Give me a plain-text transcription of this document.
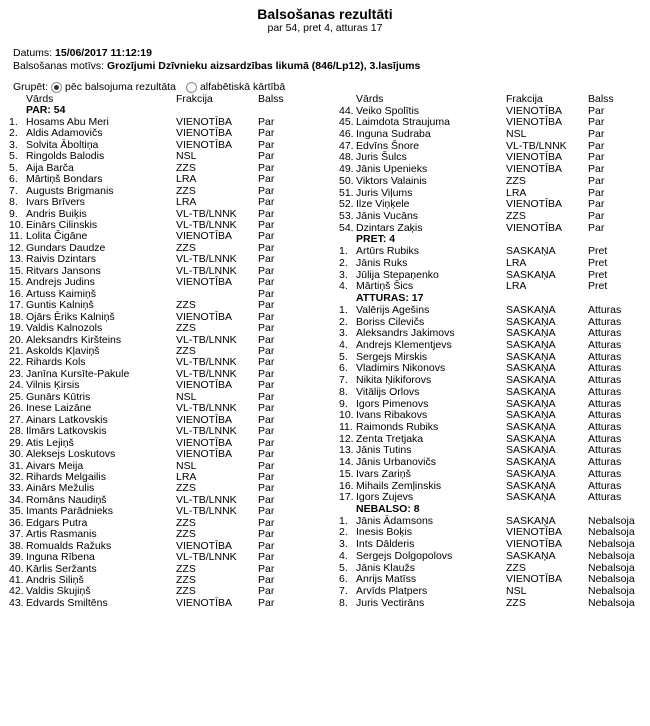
Balsošanas rezultāti
par 54, pret 4, atturas 17
Datums: 15/06/2017 11:12:19
Balsošanas motīvs: Grozījumi Dzīvnieku aizsardzības likumā (846/Lp12), 3.lasījums
Grupēt: pēc balsojuma rezultāta alfabētiskā kārtībā
	Vārds	Frakcija	Balss
	PAR: 54		
1.	Hosams Abu Meri	VIENOTĪBA	Par
2.	Aldis Adamovičs	VIENOTĪBA	Par
3.	Solvita Āboltiņa	VIENOTĪBA	Par
5.	Ringolds Balodis	NSL	Par
5.	Aija Barča	ZZS	Par
6.	Mārtiņš Bondars	LRA	Par
7.	Augusts Brigmanis	ZZS	Par
8.	Ivars Brīvers	LRA	Par
9.	Andris Buiķis	VL-TB/LNNK	Par
10.	Einārs Cilinskis	VL-TB/LNNK	Par
11.	Lolita Čigāne	VIENOTĪBA	Par
12.	Gundars Daudze	ZZS	Par
13.	Raivis Dzintars	VL-TB/LNNK	Par
15.	Ritvars Jansons	VL-TB/LNNK	Par
15.	Andrejs Judins	VIENOTĪBA	Par
16.	Artuss Kaimiņš		Par
17.	Guntis Kalniņš	ZZS	Par
18.	Ojārs Ēriks Kalniņš	VIENOTĪBA	Par
19.	Valdis Kalnozols	ZZS	Par
20.	Aleksandrs Kiršteins	VL-TB/LNNK	Par
21.	Askolds Kļaviņš	ZZS	Par
22.	Rihards Kols	VL-TB/LNNK	Par
23.	Janīna Kursīte-Pakule	VL-TB/LNNK	Par
24.	Vilnis Ķirsis	VIENOTĪBA	Par
25.	Gunārs Kūtris	NSL	Par
26.	Inese Laizāne	VL-TB/LNNK	Par
27.	Ainars Latkovskis	VIENOTĪBA	Par
28.	Ilmārs Latkovskis	VL-TB/LNNK	Par
29.	Atis Lejiņš	VIENOTĪBA	Par
30.	Aleksejs Loskutovs	VIENOTĪBA	Par
31.	Aivars Meija	NSL	Par
32.	Rihards Melgailis	LRA	Par
33.	Ainārs Mežulis	ZZS	Par
34.	Romāns Naudiņš	VL-TB/LNNK	Par
35.	Imants Parādnieks	VL-TB/LNNK	Par
36.	Edgars Putra	ZZS	Par
37.	Artis Rasmanis	ZZS	Par
38.	Romualds Ražuks	VIENOTĪBA	Par
39.	Inguna Rībena	VL-TB/LNNK	Par
40.	Kārlis Seržants	ZZS	Par
41.	Andris Siliņš	ZZS	Par
42.	Valdis Skujiņš	ZZS	Par
43.	Edvards Smiltēns	VIENOTĪBA	Par
	Vārds	Frakcija	Balss
44.	Veiko Spolītis	VIENOTĪBA	Par
45.	Laimdota Straujuma	VIENOTĪBA	Par
46.	Inguna Sudraba	NSL	Par
47.	Edvīns Šnore	VL-TB/LNNK	Par
48.	Juris Šulcs	VIENOTĪBA	Par
49.	Jānis Upenieks	VIENOTĪBA	Par
50.	Viktors Valainis	ZZS	Par
51.	Juris Viļums	LRA	Par
52.	Ilze Viņķele	VIENOTĪBA	Par
53.	Jānis Vucāns	ZZS	Par
54.	Dzintars Zaķis	VIENOTĪBA	Par
	PRET: 4		
1.	Artūrs Rubiks	SASKAŅA	Pret
2.	Jānis Ruks	LRA	Pret
3.	Jūlija Stepaņenko	SASKAŅA	Pret
4.	Mārtiņš Šics	LRA	Pret
	ATTURAS: 17		
1.	Valērijs Agešins	SASKAŅA	Atturas
2.	Boriss Cilevičs	SASKAŅA	Atturas
3.	Aleksandrs Jakimovs	SASKAŅA	Atturas
4.	Andrejs Klementjevs	SASKAŅA	Atturas
5.	Sergejs Mirskis	SASKAŅA	Atturas
6.	Vladimirs Nikonovs	SASKAŅA	Atturas
7.	Nikita Ņikiforovs	SASKAŅA	Atturas
8.	Vitālijs Orlovs	SASKAŅA	Atturas
9.	Igors Pimenovs	SASKAŅA	Atturas
10.	Ivans Ribakovs	SASKAŅA	Atturas
11.	Raimonds Rubiks	SASKAŅA	Atturas
12.	Zenta Tretjaka	SASKAŅA	Atturas
13.	Jānis Tutins	SASKAŅA	Atturas
14.	Jānis Urbanovičs	SASKAŅA	Atturas
15.	Ivars Zariņš	SASKAŅA	Atturas
16.	Mihails Zemļinskis	SASKAŅA	Atturas
17.	Igors Zujevs	SASKAŅA	Atturas
	NEBALSO: 8		
1.	Jānis Ādamsons	SASKAŅA	Nebalsoja
2.	Inesis Boķis	VIENOTĪBA	Nebalsoja
3.	Ints Dālderis	VIENOTĪBA	Nebalsoja
4.	Sergejs Dolgopolovs	SASKAŅA	Nebalsoja
5.	Jānis Klaužs	ZZS	Nebalsoja
6.	Anrijs Matīss	VIENOTĪBA	Nebalsoja
7.	Arvīds Platpers	NSL	Nebalsoja
8.	Juris Vectirāns	ZZS	Nebalsoja
